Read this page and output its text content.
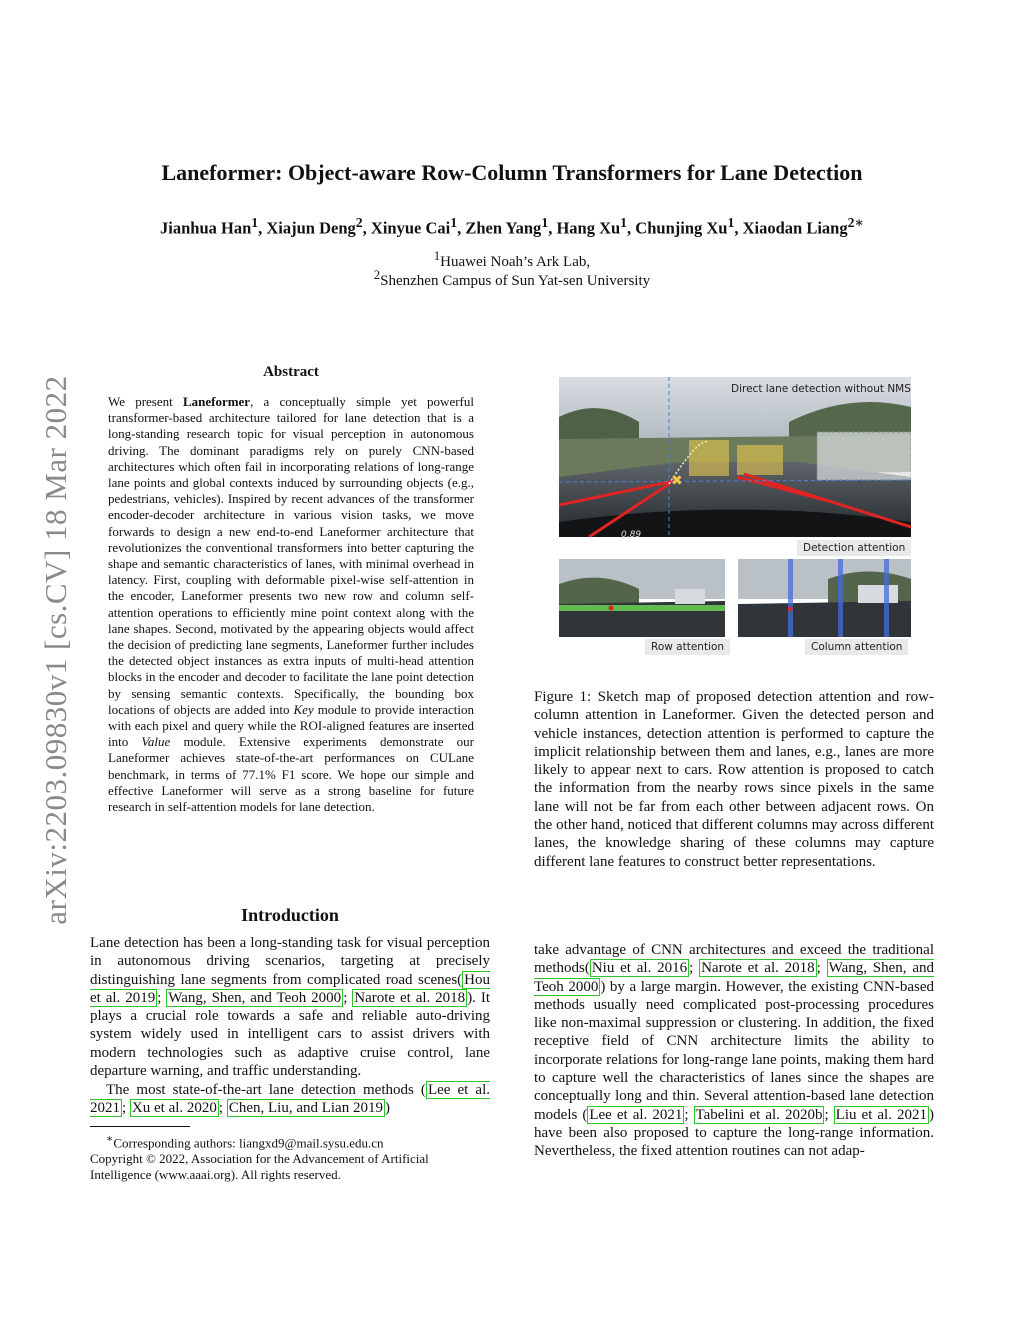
Laneformer: Object-aware Row-Column Transformers for Lane Detection
Jianhua Han$^1$, Xiajun Deng$^2$, Xinyue Cai$^1$, Zhen Yang$^1$, Hang Xu$^1$, Chunjing Xu$^1$, Xiaodan Liang$^{2∗}$
$^1$Huawei Noah’s Ark Lab,
$^2$Shenzhen Campus of Sun Yat-sen University
arXiv:2203.09830v1 [cs.CV] 18 Mar 2022
Abstract
We present Laneformer, a conceptually simple yet powerful transformer-based architecture tailored for lane detection that is a long-standing research topic for visual perception in autonomous driving. The dominant paradigms rely on purely CNN-based architectures which often fail in incorporating relations of long-range lane points and global contexts induced by surrounding objects (e.g., pedestrians, vehicles). Inspired by recent advances of the transformer encoder-decoder architecture in various vision tasks, we move forwards to design a new end-to-end Laneformer architecture that revolutionizes the conventional transformers into better capturing the shape and semantic characteristics of lanes, with minimal overhead in latency. First, coupling with deformable pixel-wise self-attention in the encoder, Laneformer presents two new row and column self-attention operations to efficiently mine point context along with the lane shapes. Second, motivated by the appearing objects would affect the decision of predicting lane segments, Laneformer further includes the detected object instances as extra inputs of multi-head attention blocks in the encoder and decoder to facilitate the lane point detection by sensing semantic contexts. Specifically, the bounding box locations of objects are added into Key module to provide interaction with each pixel and query while the ROI-aligned features are inserted into Value module. Extensive experiments demonstrate our Laneformer achieves state-of-the-art performances on CULane benchmark, in terms of 77.1% F1 score. We hope our simple and effective Laneformer will serve as a strong baseline for future research in self-attention models for lane detection.
✖
0.89
Direct lane detection without NMS
Detection attention
Row attention	Column attention
Figure 1: Sketch map of proposed detection attention and row-column attention in Laneformer. Given the detected person and vehicle instances, detection attention is performed to capture the implicit relationship between them and lanes, e.g., lanes are more likely to appear next to cars. Row attention is proposed to catch the information from the nearby rows since pixels in the same lane will not be far from each other between adjacent rows. On the other hand, noticed that different columns may across different lanes, the knowledge sharing of these columns may capture different lane features to construct better representations.
Introduction
Lane detection has been a long-standing task for visual perception in autonomous driving scenarios, targeting at precisely distinguishing lane segments from complicated road scenes( Hou et al. 2019 ; Wang, Shen, and Teoh 2000 ; Narote et al. 2018 ). It plays a crucial role towards a safe and reliable auto-driving system widely used in intelligent cars to assist drivers with modern technologies such as adaptive cruise control, lane departure warning, and traffic understanding.
The most state-of-the-art lane detection methods ( Lee et al. 2021 ; Xu et al. 2020 ; Chen, Liu, and Lian 2019 )
∗Corresponding authors: liangxd9@mail.sysu.edu.cn
Copyright © 2022, Association for the Advancement of Artificial Intelligence (www.aaai.org). All rights reserved.
take advantage of CNN architectures and exceed the traditional methods( Niu et al. 2016 ; Narote et al. 2018 ; Wang, Shen, and Teoh 2000 ) by a large margin. However, the existing CNN-based methods usually need complicated post-processing procedures like non-maximal suppression or clustering. In addition, the fixed receptive field of CNN architecture limits the ability to incorporate relations for long-range lane points, making them hard to capture well the characteristics of lanes since the shapes are conceptually long and thin. Several attention-based lane detection models ( Lee et al. 2021 ; Tabelini et al. 2020b ; Liu et al. 2021 ) have been also proposed to capture the long-range information. Nevertheless, the fixed attention routines can not adap-
